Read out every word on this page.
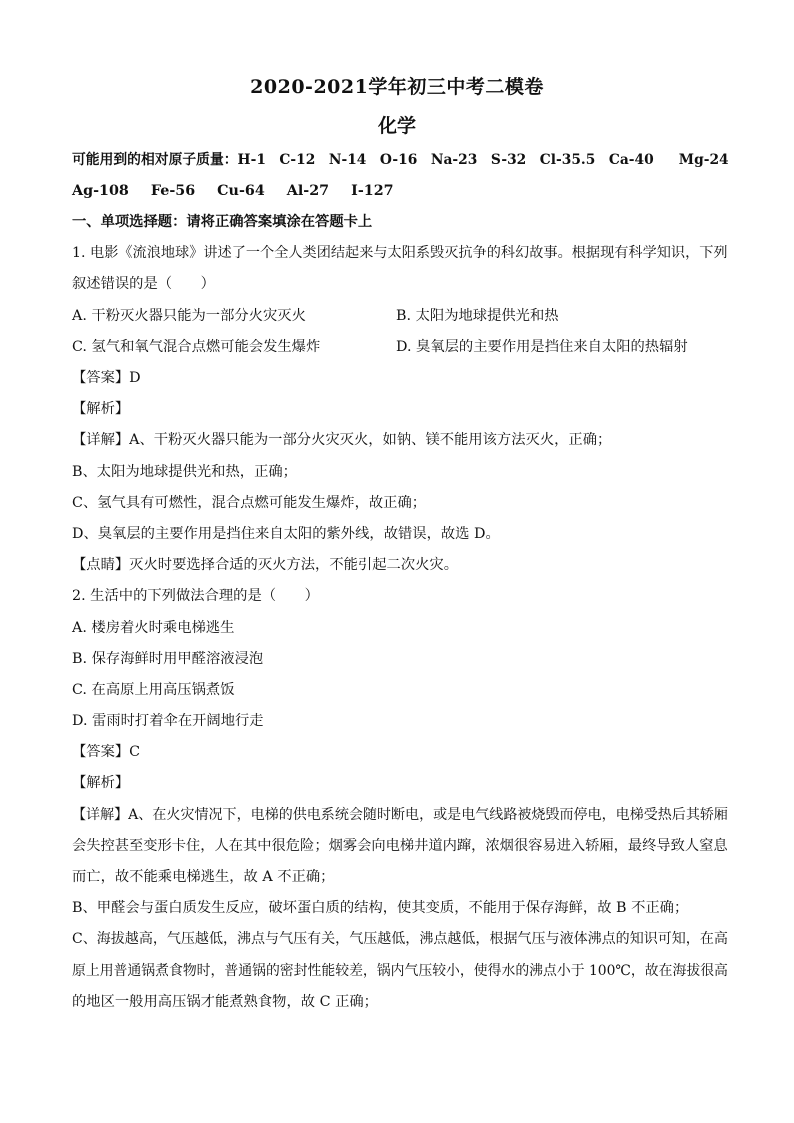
2020-2021学年初三中考二模卷
化学
可能用到的相对原子质量：H-1 C-12 N-14 O-16 Na-23 S-32 Cl-35.5 Ca-40 Mg-24
Ag-108 Fe-56 Cu-64 Al-27 I-127
一、单项选择题：请将正确答案填涂在答题卡上
1. 电影《流浪地球》讲述了一个全人类团结起来与太阳系毁灭抗争的科幻故事。根据现有科学知识，下列
叙述错误的是（　　）
A. 干粉灭火器只能为一部分火灾灭火	B. 太阳为地球提供光和热
C. 氢气和氧气混合点燃可能会发生爆炸	D. 臭氧层的主要作用是挡住来自太阳的热辐射
【答案】D
【解析】
【详解】A、干粉灭火器只能为一部分火灾灭火，如钠、镁不能用该方法灭火，正确；
B、太阳为地球提供光和热，正确；
C、氢气具有可燃性，混合点燃可能发生爆炸，故正确；
D、臭氧层的主要作用是挡住来自太阳的紫外线，故错误，故选 D。
【点睛】灭火时要选择合适的灭火方法，不能引起二次火灾。
2. 生活中的下列做法合理的是（　　）
A. 楼房着火时乘电梯逃生
B. 保存海鲜时用甲醛溶液浸泡
C. 在高原上用高压锅煮饭
D. 雷雨时打着伞在开阔地行走
【答案】C
【解析】
【详解】A、在火灾情况下，电梯的供电系统会随时断电，或是电气线路被烧毁而停电，电梯受热后其轿厢
会失控甚至变形卡住，人在其中很危险；烟雾会向电梯井道内蹿，浓烟很容易进入轿厢，最终导致人窒息
而亡，故不能乘电梯逃生，故 A 不正确；
B、甲醛会与蛋白质发生反应，破坏蛋白质的结构，使其变质，不能用于保存海鲜，故 B 不正确；
C、海拔越高，气压越低，沸点与气压有关，气压越低，沸点越低，根据气压与液体沸点的知识可知，在高
原上用普通锅煮食物时，普通锅的密封性能较差，锅内气压较小，使得水的沸点小于 100℃，故在海拔很高
的地区一般用高压锅才能煮熟食物，故 C 正确；
